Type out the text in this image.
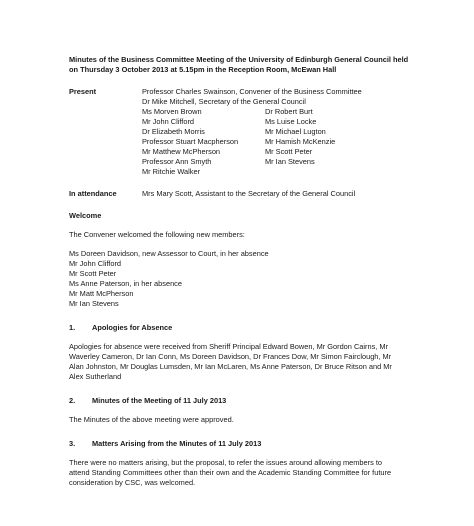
Minutes of the Business Committee Meeting of the University of Edinburgh General Council held
on Thursday 3 October 2013 at 5.15pm in the Reception Room, McEwan Hall
Present	Professor Charles Swainson, Convener of the Business Committee
Dr Mike Mitchell, Secretary of the General Council
Ms Morven Brown	Dr Robert Burt
Mr John Clifford	Ms Luise Locke
Dr Elizabeth Morris	Mr Michael Lugton
Professor Stuart Macpherson	Mr Hamish McKenzie
Mr Matthew McPherson	Mr Scott Peter
Professor Ann Smyth	Mr Ian Stevens
Mr Ritchie Walker
In attendance	Mrs Mary Scott, Assistant to the Secretary of the General Council
Welcome
The Convener welcomed the following new members:
Ms Doreen Davidson, new Assessor to Court, in her absence
Mr John Clifford
Mr Scott Peter
Ms Anne Paterson, in her absence
Mr Matt McPherson
Mr Ian Stevens
1.	Apologies for Absence
Apologies for absence were received from Sheriff Principal Edward Bowen, Mr Gordon Cairns, Mr
Waverley Cameron, Dr Ian Conn, Ms Doreen Davidson, Dr Frances Dow, Mr Simon Fairclough, Mr
Alan Johnston, Mr Douglas Lumsden, Mr Ian McLaren, Ms Anne Paterson, Dr Bruce Ritson and Mr
Alex Sutherland
2.	Minutes of the Meeting of 11 July 2013
The Minutes of the above meeting were approved.
3.	Matters Arising from the Minutes of 11 July 2013
There were no matters arising, but the proposal, to refer the issues around allowing members to
attend Standing Committees other than their own and the Academic Standing Committee for future
consideration by CSC, was welcomed.
